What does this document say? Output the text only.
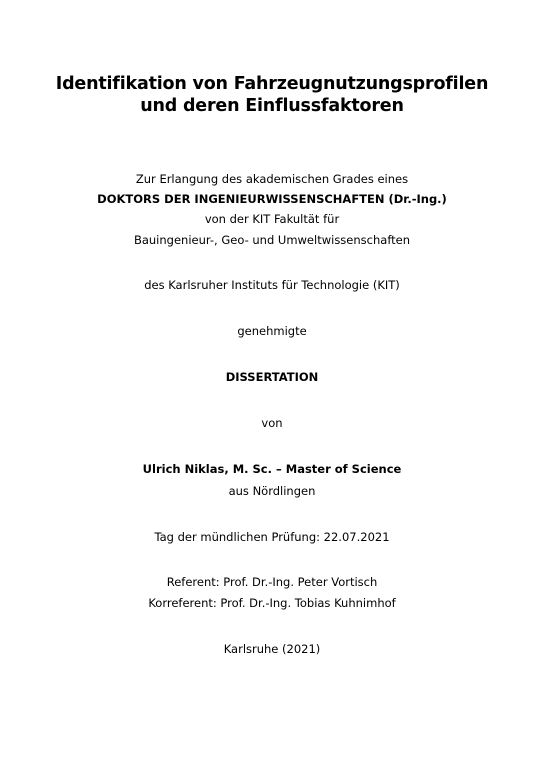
Identifikation von Fahrzeugnutzungsprofilen
und deren Einflussfaktoren
Zur Erlangung des akademischen Grades eines
DOKTORS DER INGENIEURWISSENSCHAFTEN (Dr.-Ing.)
von der KIT Fakultät für
Bauingenieur-, Geo- und Umweltwissenschaften
des Karlsruher Instituts für Technologie (KIT)
genehmigte
DISSERTATION
von
Ulrich Niklas, M. Sc. – Master of Science
aus Nördlingen
Tag der mündlichen Prüfung: 22.07.2021
Referent: Prof. Dr.-Ing. Peter Vortisch
Korreferent: Prof. Dr.-Ing. Tobias Kuhnimhof
Karlsruhe (2021)
